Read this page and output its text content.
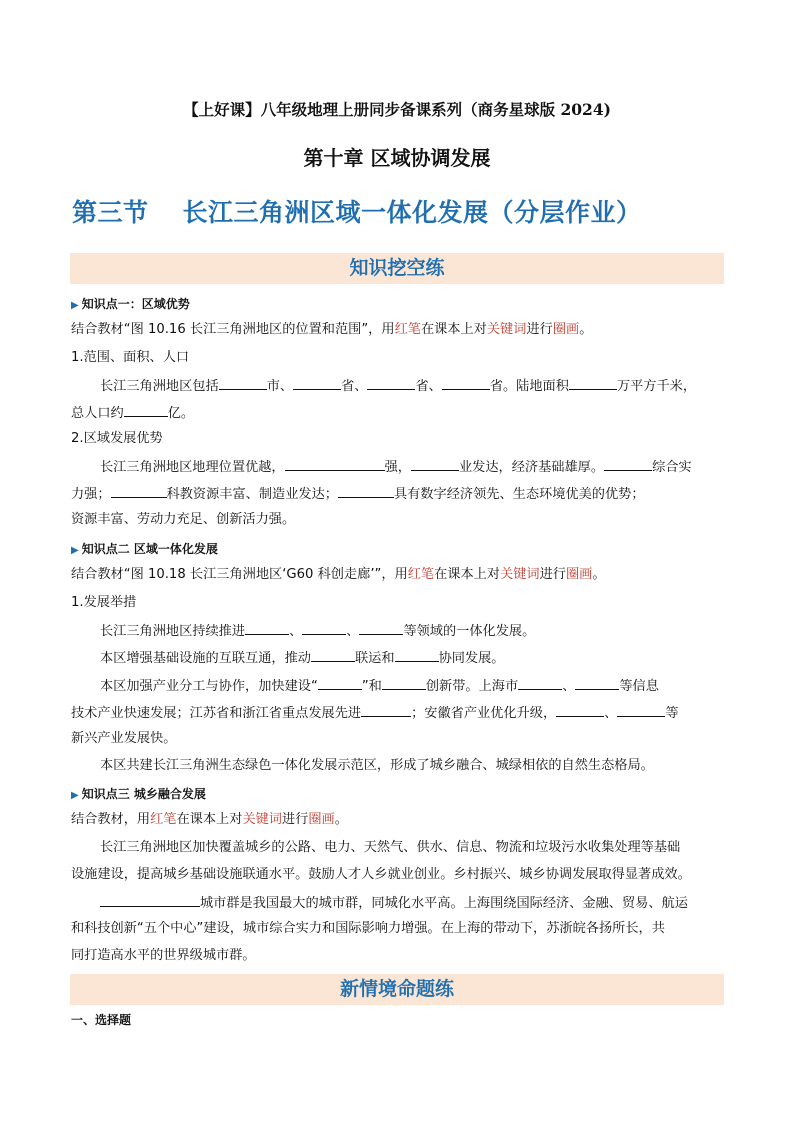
【上好课】八年级地理上册同步备课系列（商务星球版 2024)
第十章 区域协调发展
第三节 长江三角洲区域一体化发展（分层作业）
知识挖空练
▶ 知识点一：区域优势
结合教材“图 10.16 长江三角洲地区的位置和范围”，用红笔在课本上对关键词进行圈画。
1.范围、面积、人口
长江三角洲地区包括	市、	省、	省、	省。陆地面积	万平方千米，
总人口约	亿。
2.区域发展优势
长江三角洲地区地理位置优越，	强，	业发达，经济基础雄厚。	综合实
力强；	科教资源丰富、制造业发达；	具有数字经济领先、生态环境优美的优势；
资源丰富、劳动力充足、创新活力强。
▶ 知识点二 区域一体化发展
结合教材“图 10.18 长江三角洲地区‘G60 科创走廊’”，用红笔在课本上对关键词进行圈画。
1.发展举措
长江三角洲地区持续推进	、	、	等领域的一体化发展。
本区增强基础设施的互联互通，推动	联运和	协同发展。
本区加强产业分工与协作，加快建设“	”和	创新带。上海市	、	等信息
技术产业快速发展；江苏省和浙江省重点发展先进	；安徽省产业优化升级，	、	等
新兴产业发展快。
本区共建长江三角洲生态绿色一体化发展示范区，形成了城乡融合、城绿相依的自然生态格局。
▶ 知识点三 城乡融合发展
结合教材，用红笔在课本上对关键词进行圈画。
长江三角洲地区加快覆盖城乡的公路、电力、天然气、供水、信息、物流和垃圾污水收集处理等基础
设施建设，提高城乡基础设施联通水平。鼓励人才人乡就业创业。乡村振兴、城乡协调发展取得显著成效。
城市群是我国最大的城市群，同城化水平高。上海围绕国际经济、金融、贸易、航运
和科技创新“五个中心”建设，城市综合实力和国际影响力增强。在上海的带动下，苏浙皖各扬所长，共
同打造高水平的世界级城市群。
新情境命题练
一、选择题
